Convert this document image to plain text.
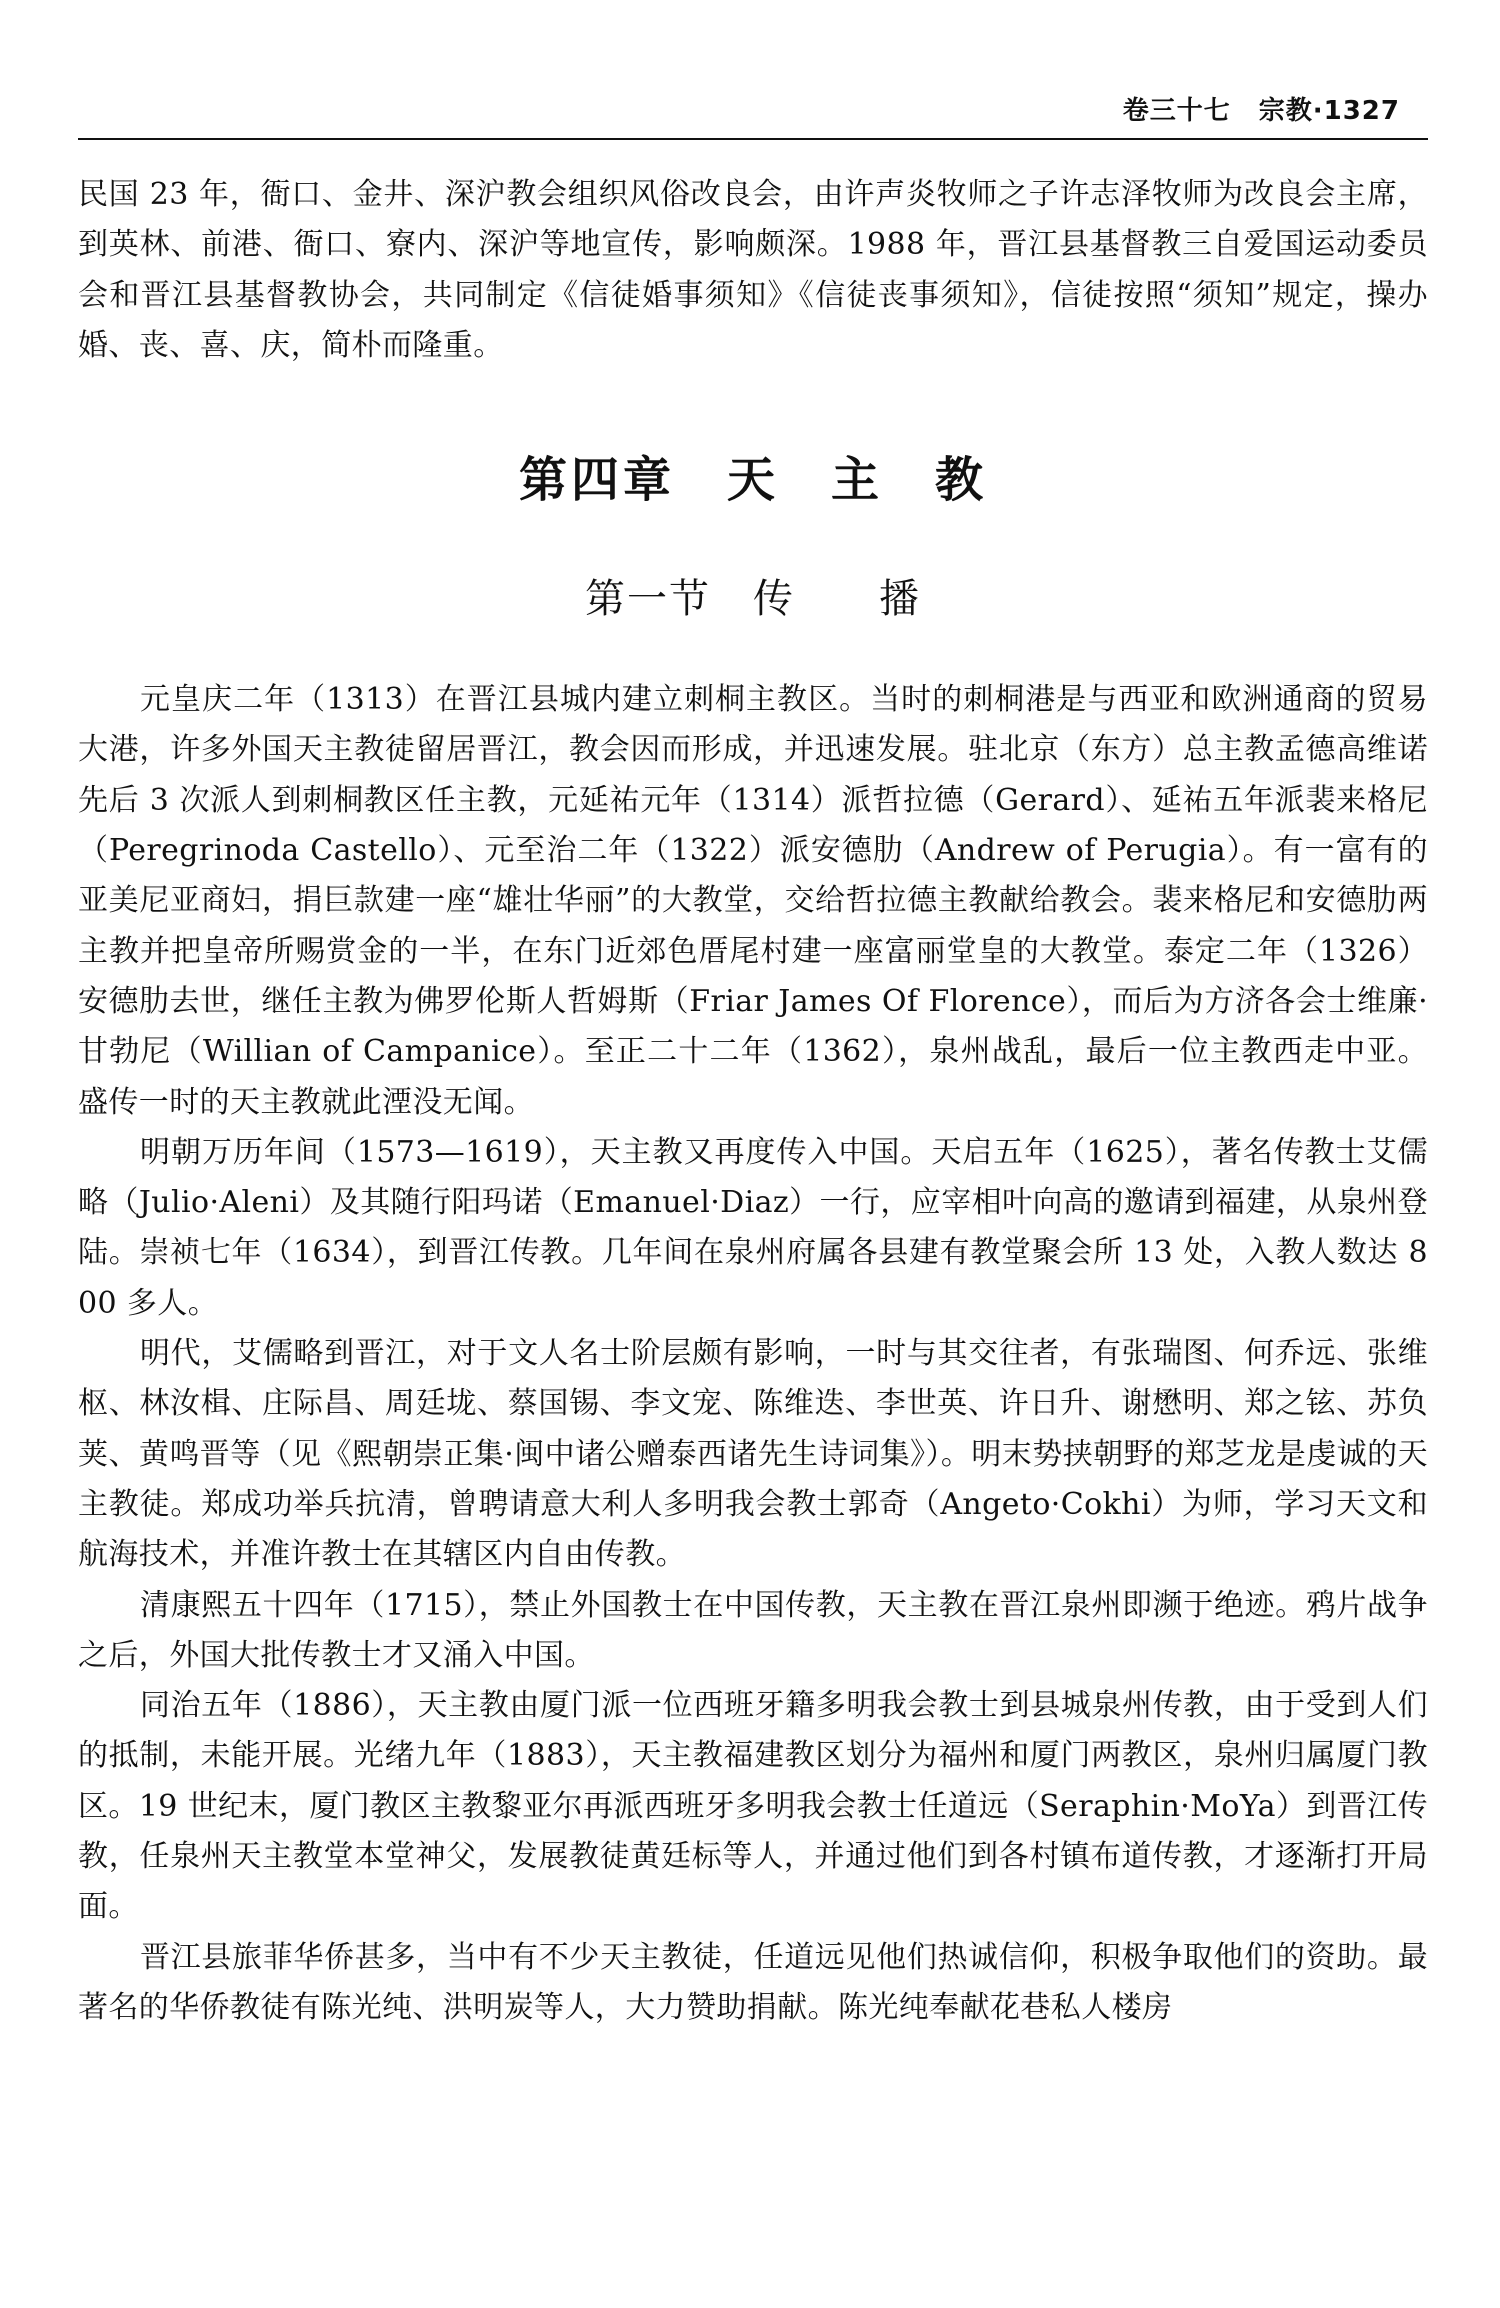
卷三十七 宗教·1327

民国 23 年，衙口、金井、深沪教会组织风俗改良会，由许声炎牧师之子许志泽牧师为改良会主席，到英林、前港、衙口、寮内、深沪等地宣传，影响颇深。1988 年，晋江县基督教三自爱国运动委员会和晋江县基督教协会，共同制定《信徒婚事须知》《信徒丧事须知》，信徒按照“须知”规定，操办婚、丧、喜、庆，简朴而隆重。

第四章　天　主　教
第一节　传　　播

元皇庆二年（1313）在晋江县城内建立刺桐主教区。当时的刺桐港是与西亚和欧洲通商的贸易大港，许多外国天主教徒留居晋江，教会因而形成，并迅速发展。驻北京（东方）总主教孟德高维诺先后 3 次派人到刺桐教区任主教，元延祐元年（1314）派哲拉德（Gerard）、延祐五年派裴来格尼（Peregrinoda Castello）、元至治二年（1322）派安德肋（Andrew of Perugia）。有一富有的亚美尼亚商妇，捐巨款建一座“雄壮华丽”的大教堂，交给哲拉德主教献给教会。裴来格尼和安德肋两主教并把皇帝所赐赏金的一半，在东门近郊色厝尾村建一座富丽堂皇的大教堂。泰定二年（1326）安德肋去世，继任主教为佛罗伦斯人哲姆斯（Friar James Of Florence），而后为方济各会士维廉·甘勃尼（Willian of Campanice）。至正二十二年（1362），泉州战乱，最后一位主教西走中亚。盛传一时的天主教就此湮没无闻。

明朝万历年间（1573—1619），天主教又再度传入中国。天启五年（1625），著名传教士艾儒略（Julio·Aleni）及其随行阳玛诺（Emanuel·Diaz）一行，应宰相叶向高的邀请到福建，从泉州登陆。崇祯七年（1634），到晋江传教。几年间在泉州府属各县建有教堂聚会所 13 处，入教人数达 800 多人。

明代，艾儒略到晋江，对于文人名士阶层颇有影响，一时与其交往者，有张瑞图、何乔远、张维枢、林汝楫、庄际昌、周廷垅、蔡国锡、李文宠、陈维迭、李世英、许日升、谢懋明、郑之铉、苏负荚、黄鸣晋等（见《熙朝崇正集·闽中诸公赠泰西诸先生诗词集》）。明末势挟朝野的郑芝龙是虔诚的天主教徒。郑成功举兵抗清，曾聘请意大利人多明我会教士郭奇（Angeto·Cokhi）为师，学习天文和航海技术，并准许教士在其辖区内自由传教。

清康熙五十四年（1715），禁止外国教士在中国传教，天主教在晋江泉州即濒于绝迹。鸦片战争之后，外国大批传教士才又涌入中国。

同治五年（1886），天主教由厦门派一位西班牙籍多明我会教士到县城泉州传教，由于受到人们的抵制，未能开展。光绪九年（1883），天主教福建教区划分为福州和厦门两教区，泉州归属厦门教区。19 世纪末，厦门教区主教黎亚尔再派西班牙多明我会教士任道远（Seraphin·MoYa）到晋江传教，任泉州天主教堂本堂神父，发展教徒黄廷标等人，并通过他们到各村镇布道传教，才逐渐打开局面。

晋江县旅菲华侨甚多，当中有不少天主教徒，任道远见他们热诚信仰，积极争取他们的资助。最著名的华侨教徒有陈光纯、洪明炭等人，大力赞助捐献。陈光纯奉献花巷私人楼房
